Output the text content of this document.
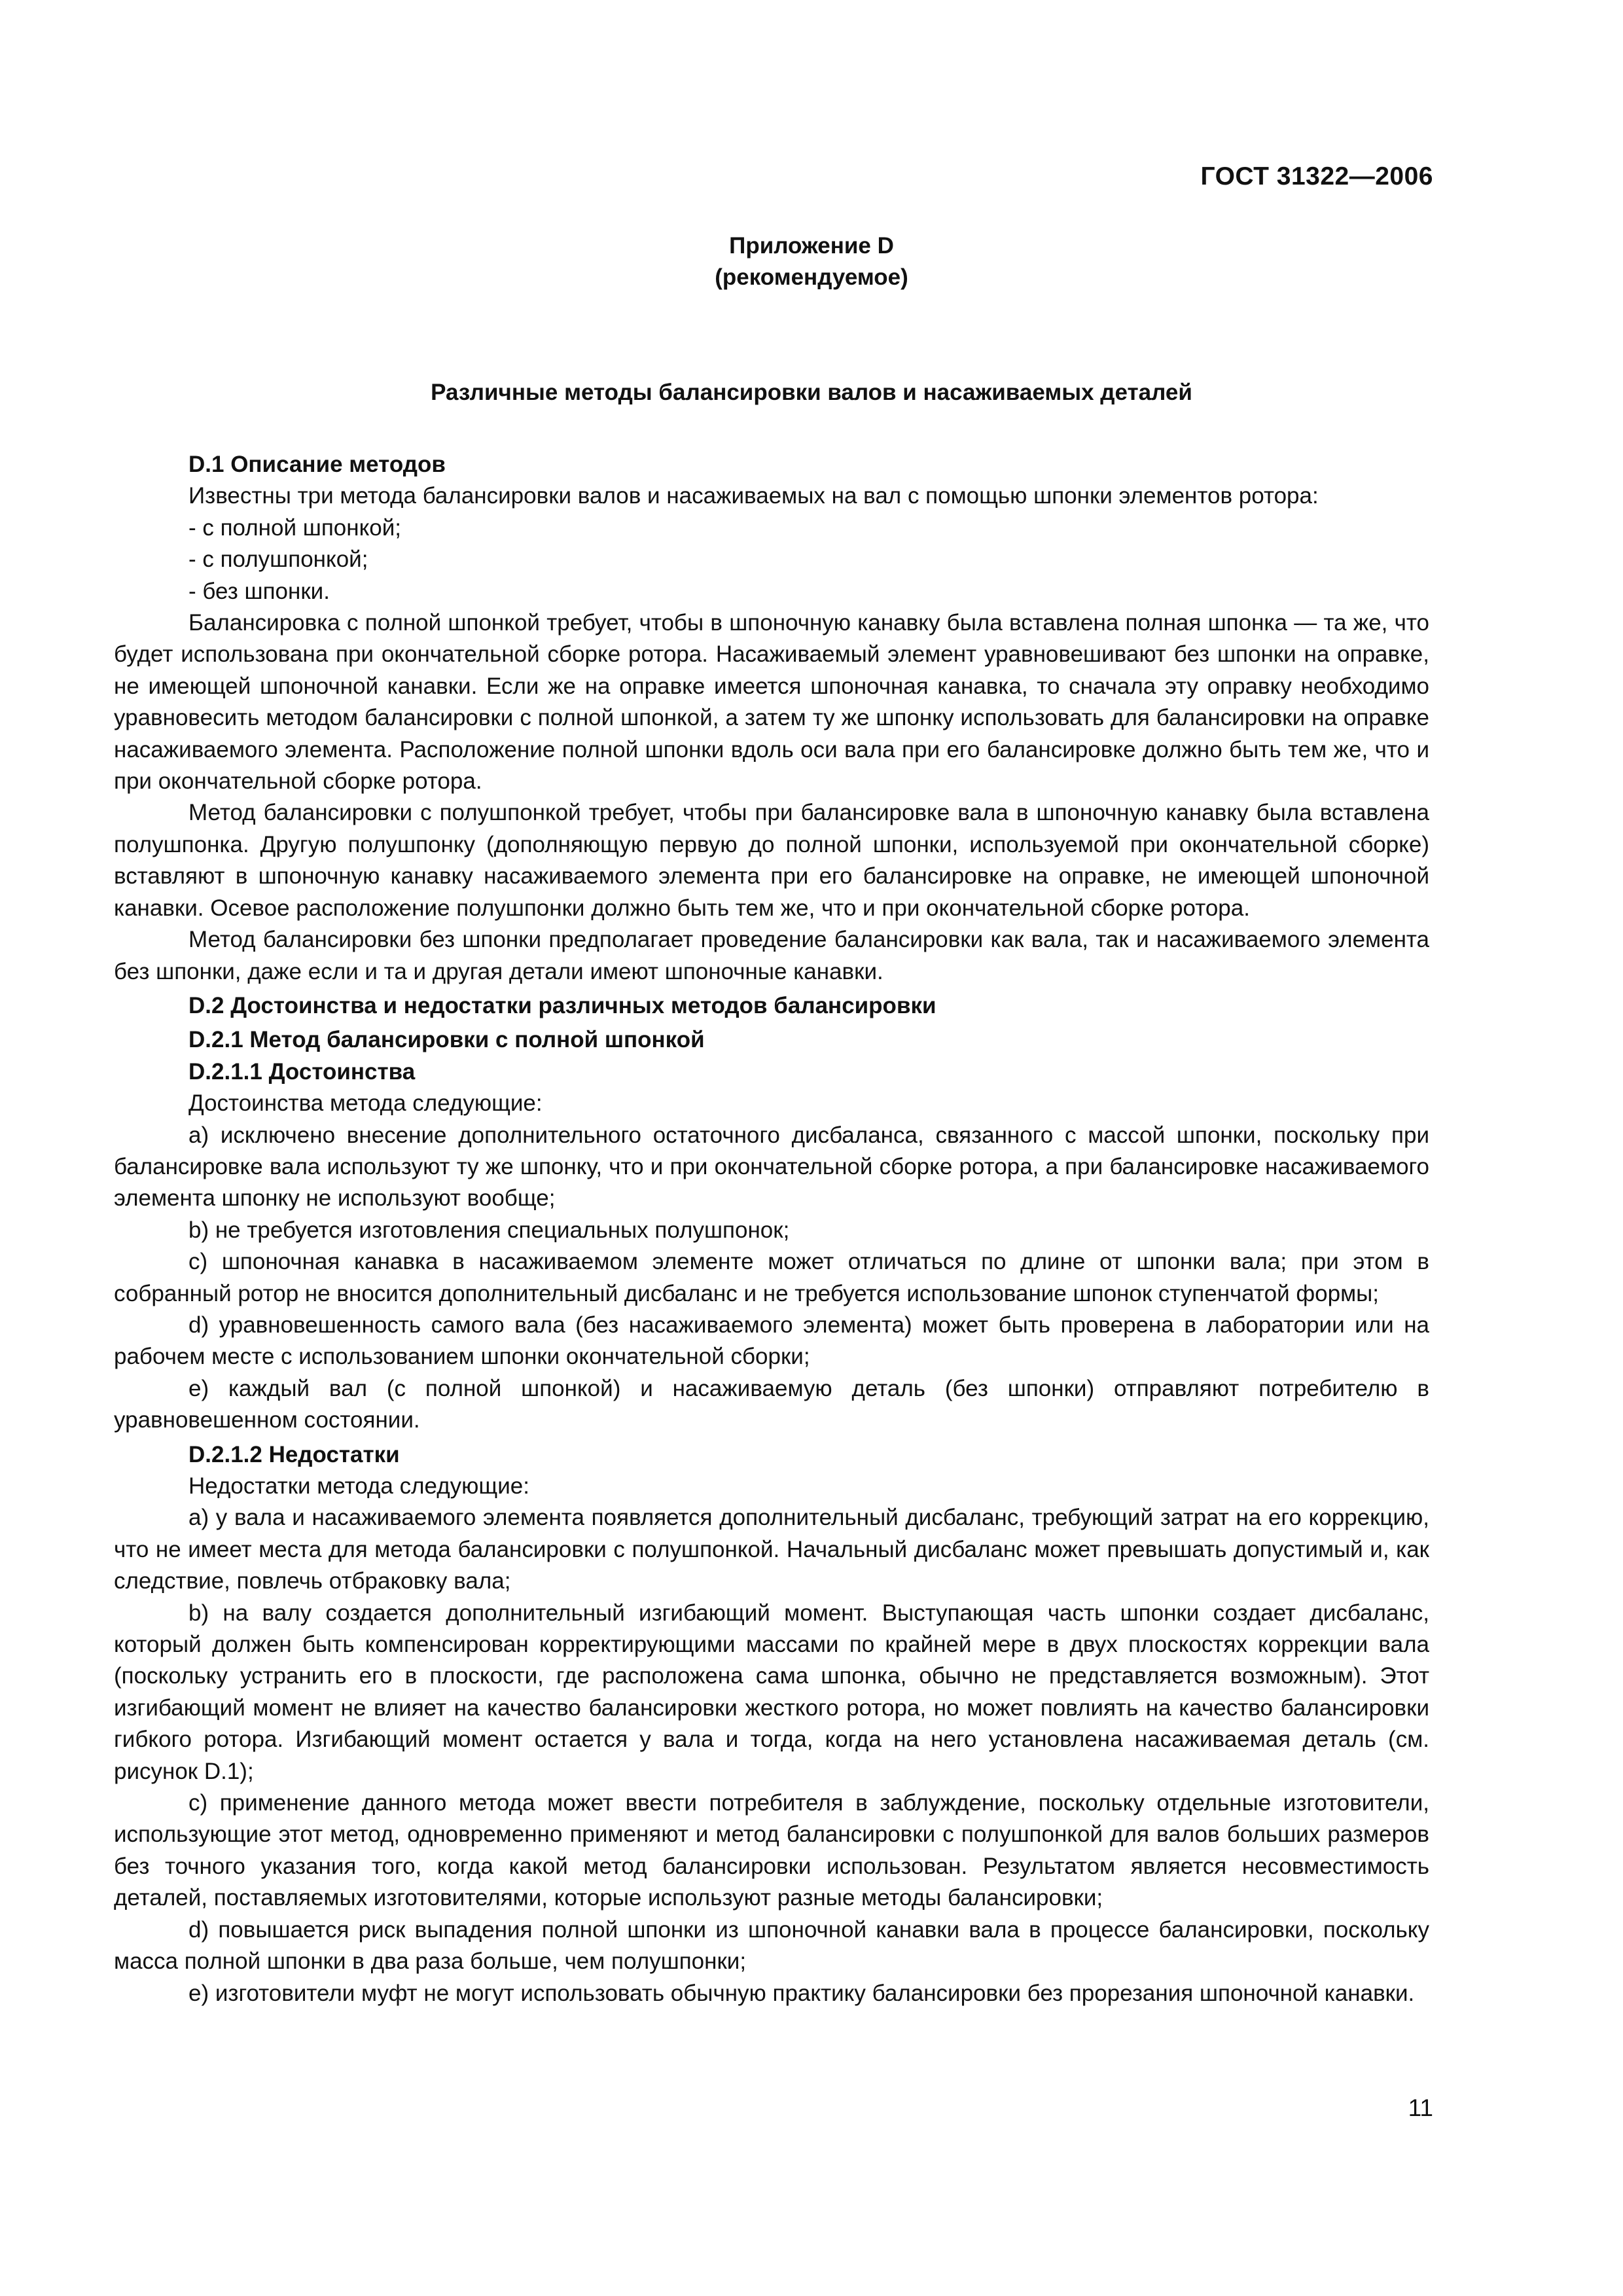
ГОСТ 31322—2006
Приложение D
(рекомендуемое)
Различные методы балансировки валов и насаживаемых деталей
D.1 Описание методов

Известны три метода балансировки валов и насаживаемых на вал с помощью шпонки элементов ротора:

- с полной шпонкой;

- с полушпонкой;

- без шпонки.

Балансировка с полной шпонкой требует, чтобы в шпоночную канавку была вставлена полная шпонка — та же, что будет использована при окончательной сборке ротора. Насаживаемый элемент уравновешивают без шпонки на оправке, не имеющей шпоночной канавки. Если же на оправке имеется шпоночная канавка, то сначала эту оправку необходимо уравновесить методом балансировки с полной шпонкой, а затем ту же шпонку использовать для балансировки на оправке насаживаемого элемента. Расположение полной шпонки вдоль оси вала при его балансировке должно быть тем же, что и при окончательной сборке ротора.

Метод балансировки с полушпонкой требует, чтобы при балансировке вала в шпоночную канавку была вставлена полушпонка. Другую полушпонку (дополняющую первую до полной шпонки, используемой при окончательной сборке) вставляют в шпоночную канавку насаживаемого элемента при его балансировке на оправке, не имеющей шпоночной канавки. Осевое расположение полушпонки должно быть тем же, что и при окончательной сборке ротора.

Метод балансировки без шпонки предполагает проведение балансировки как вала, так и насаживаемого элемента без шпонки, даже если и та и другая детали имеют шпоночные канавки.

D.2 Достоинства и недостатки различных методов балансировки
D.2.1 Метод балансировки с полной шпонкой
D.2.1.1 Достоинства

Достоинства метода следующие:

a) исключено внесение дополнительного остаточного дисбаланса, связанного с массой шпонки, поскольку при балансировке вала используют ту же шпонку, что и при окончательной сборке ротора, а при балансировке насаживаемого элемента шпонку не используют вообще;

b) не требуется изготовления специальных полушпонок;

c) шпоночная канавка в насаживаемом элементе может отличаться по длине от шпонки вала; при этом в собранный ротор не вносится дополнительный дисбаланс и не требуется использование шпонок ступенчатой формы;

d) уравновешенность самого вала (без насаживаемого элемента) может быть проверена в лаборатории или на рабочем месте с использованием шпонки окончательной сборки;

e) каждый вал (с полной шпонкой) и насаживаемую деталь (без шпонки) отправляют потребителю в уравновешенном состоянии.

D.2.1.2 Недостатки

Недостатки метода следующие:

a) у вала и насаживаемого элемента появляется дополнительный дисбаланс, требующий затрат на его коррекцию, что не имеет места для метода балансировки с полушпонкой. Начальный дисбаланс может превышать допустимый и, как следствие, повлечь отбраковку вала;

b) на валу создается дополнительный изгибающий момент. Выступающая часть шпонки создает дисбаланс, который должен быть компенсирован корректирующими массами по крайней мере в двух плоскостях коррекции вала (поскольку устранить его в плоскости, где расположена сама шпонка, обычно не представляется возможным). Этот изгибающий момент не влияет на качество балансировки жесткого ротора, но может повлиять на качество балансировки гибкого ротора. Изгибающий момент остается у вала и тогда, когда на него установлена насаживаемая деталь (см. рисунок D.1);

c) применение данного метода может ввести потребителя в заблуждение, поскольку отдельные изготовители, использующие этот метод, одновременно применяют и метод балансировки с полушпонкой для валов больших размеров без точного указания того, когда какой метод балансировки использован. Результатом является несовместимость деталей, поставляемых изготовителями, которые используют разные методы балансировки;

d) повышается риск выпадения полной шпонки из шпоночной канавки вала в процессе балансировки, поскольку масса полной шпонки в два раза больше, чем полушпонки;

e) изготовители муфт не могут использовать обычную практику балансировки без прорезания шпоночной канавки.

11
